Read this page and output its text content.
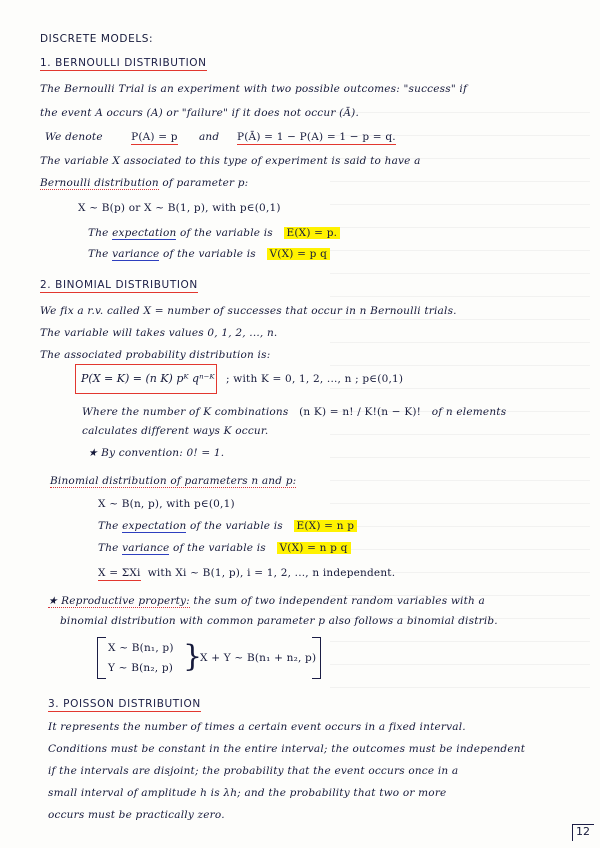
DISCRETE MODELS:
1. BERNOULLI DISTRIBUTION
The Bernoulli Trial is an experiment with two possible outcomes: "success" if
the event A occurs (A) or "failure" if it does not occur (Ā).
We denote	P(A) = p and P(Ā) = 1 − P(A) = 1 − p = q.
The variable X associated to this type of experiment is said to have a
Bernoulli distribution of parameter p:
X ~ B(p) or X ~ B(1, p), with p∈(0,1)
The expectation of the variable is E(X) = p.
The variance of the variable is V(X) = p q
2. BINOMIAL DISTRIBUTION
We fix a r.v. called X = number of successes that occur in n Bernoulli trials.
The variable will takes values 0, 1, 2, ..., n.
The associated probability distribution is:
P(X = K) = (n K) pᴷ qⁿ⁻ᴷ ; with K = 0, 1, 2, ..., n ; p∈(0,1)
Where the number of K combinations (n K) = n! / K!(n − K)! of n elements
calculates different ways K occur.
★ By convention: 0! = 1.
Binomial distribution of parameters n and p:
X ~ B(n, p), with p∈(0,1)
The expectation of the variable is E(X) = n p
The variance of the variable is V(X) = n p q
X = ΣXi with Xi ~ B(1, p), i = 1, 2, ..., n independent.
★ Reproductive property: the sum of two independent random variables with a
binomial distribution with common parameter p also follows a binomial distrib.
X ~ B(n₁, p)
Y ~ B(n₂, p) }
X + Y ~ B(n₁ + n₂, p)
3. POISSON DISTRIBUTION
It represents the number of times a certain event occurs in a fixed interval.
Conditions must be constant in the entire interval; the outcomes must be independent
if the intervals are disjoint; the probability that the event occurs once in a
small interval of amplitude h is λh; and the probability that two or more
occurs must be practically zero.
12
